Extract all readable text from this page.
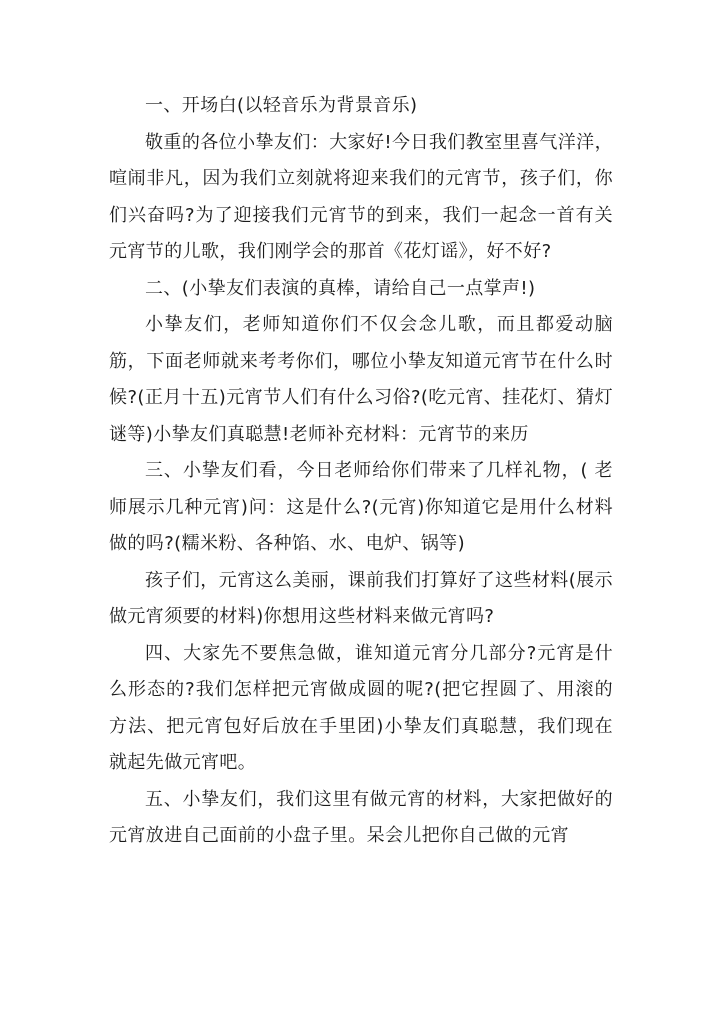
一、开场白(以轻音乐为背景音乐)

敬重的各位小挚友们：大家好!今日我们教室里喜气洋洋，喧闹非凡，因为我们立刻就将迎来我们的元宵节，孩子们，你们兴奋吗?为了迎接我们元宵节的到来，我们一起念一首有关元宵节的儿歌，我们刚学会的那首《花灯谣》，好不好?

二、(小挚友们表演的真棒，请给自己一点掌声!)

小挚友们，老师知道你们不仅会念儿歌，而且都爱动脑筋，下面老师就来考考你们，哪位小挚友知道元宵节在什么时候?(正月十五)元宵节人们有什么习俗?(吃元宵、挂花灯、猜灯谜等)小挚友们真聪慧!老师补充材料：元宵节的来历

三、小挚友们看，今日老师给你们带来了几样礼物，( 老师展示几种元宵)问：这是什么?(元宵)你知道它是用什么材料做的吗?(糯米粉、各种馅、水、电炉、锅等)

孩子们，元宵这么美丽，课前我们打算好了这些材料(展示做元宵须要的材料)你想用这些材料来做元宵吗?

四、大家先不要焦急做，谁知道元宵分几部分?元宵是什么形态的?我们怎样把元宵做成圆的呢?(把它捏圆了、用滚的方法、把元宵包好后放在手里团)小挚友们真聪慧，我们现在就起先做元宵吧。

五、小挚友们，我们这里有做元宵的材料，大家把做好的元宵放进自己面前的小盘子里。呆会儿把你自己做的元宵
